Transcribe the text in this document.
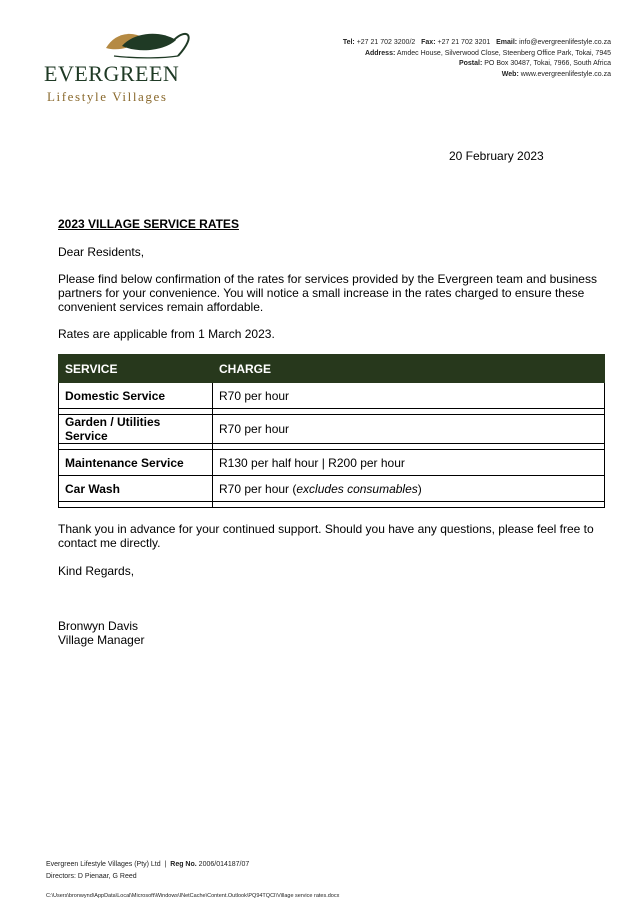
EVERGREEN
Lifestyle Villages
Tel: +27 21 702 3200/2 Fax: +27 21 702 3201 Email: info@evergreenlifestyle.co.za
Address: Amdec House, Silverwood Close, Steenberg Office Park, Tokai, 7945
Postal: PO Box 30487, Tokai, 7966, South Africa
Web: www.evergreenlifestyle.co.za
20 February 2023
2023 VILLAGE SERVICE RATES
Dear Residents,
Please find below confirmation of the rates for services provided by the Evergreen team and business partners for your convenience. You will notice a small increase in the rates charged to ensure these convenient services remain affordable.
Rates are applicable from 1 March 2023.
SERVICE	CHARGE
Domestic Service	R70 per hour

Garden / Utilities Service	R70 per hour

Maintenance Service	R130 per half hour | R200 per hour
Car Wash	R70 per hour (excludes consumables)

Thank you in advance for your continued support. Should you have any questions, please feel free to contact me directly.
Kind Regards,
Bronwyn Davis
Village Manager
Evergreen Lifestyle Villages (Pty) Ltd | Reg No. 2006/014187/07
Directors: D Pienaar, G Reed
C:\Users\bronwynd\AppData\Local\Microsoft\Windows\INetCache\Content.Outlook\PQ94TQCI\Village service rates.docx
